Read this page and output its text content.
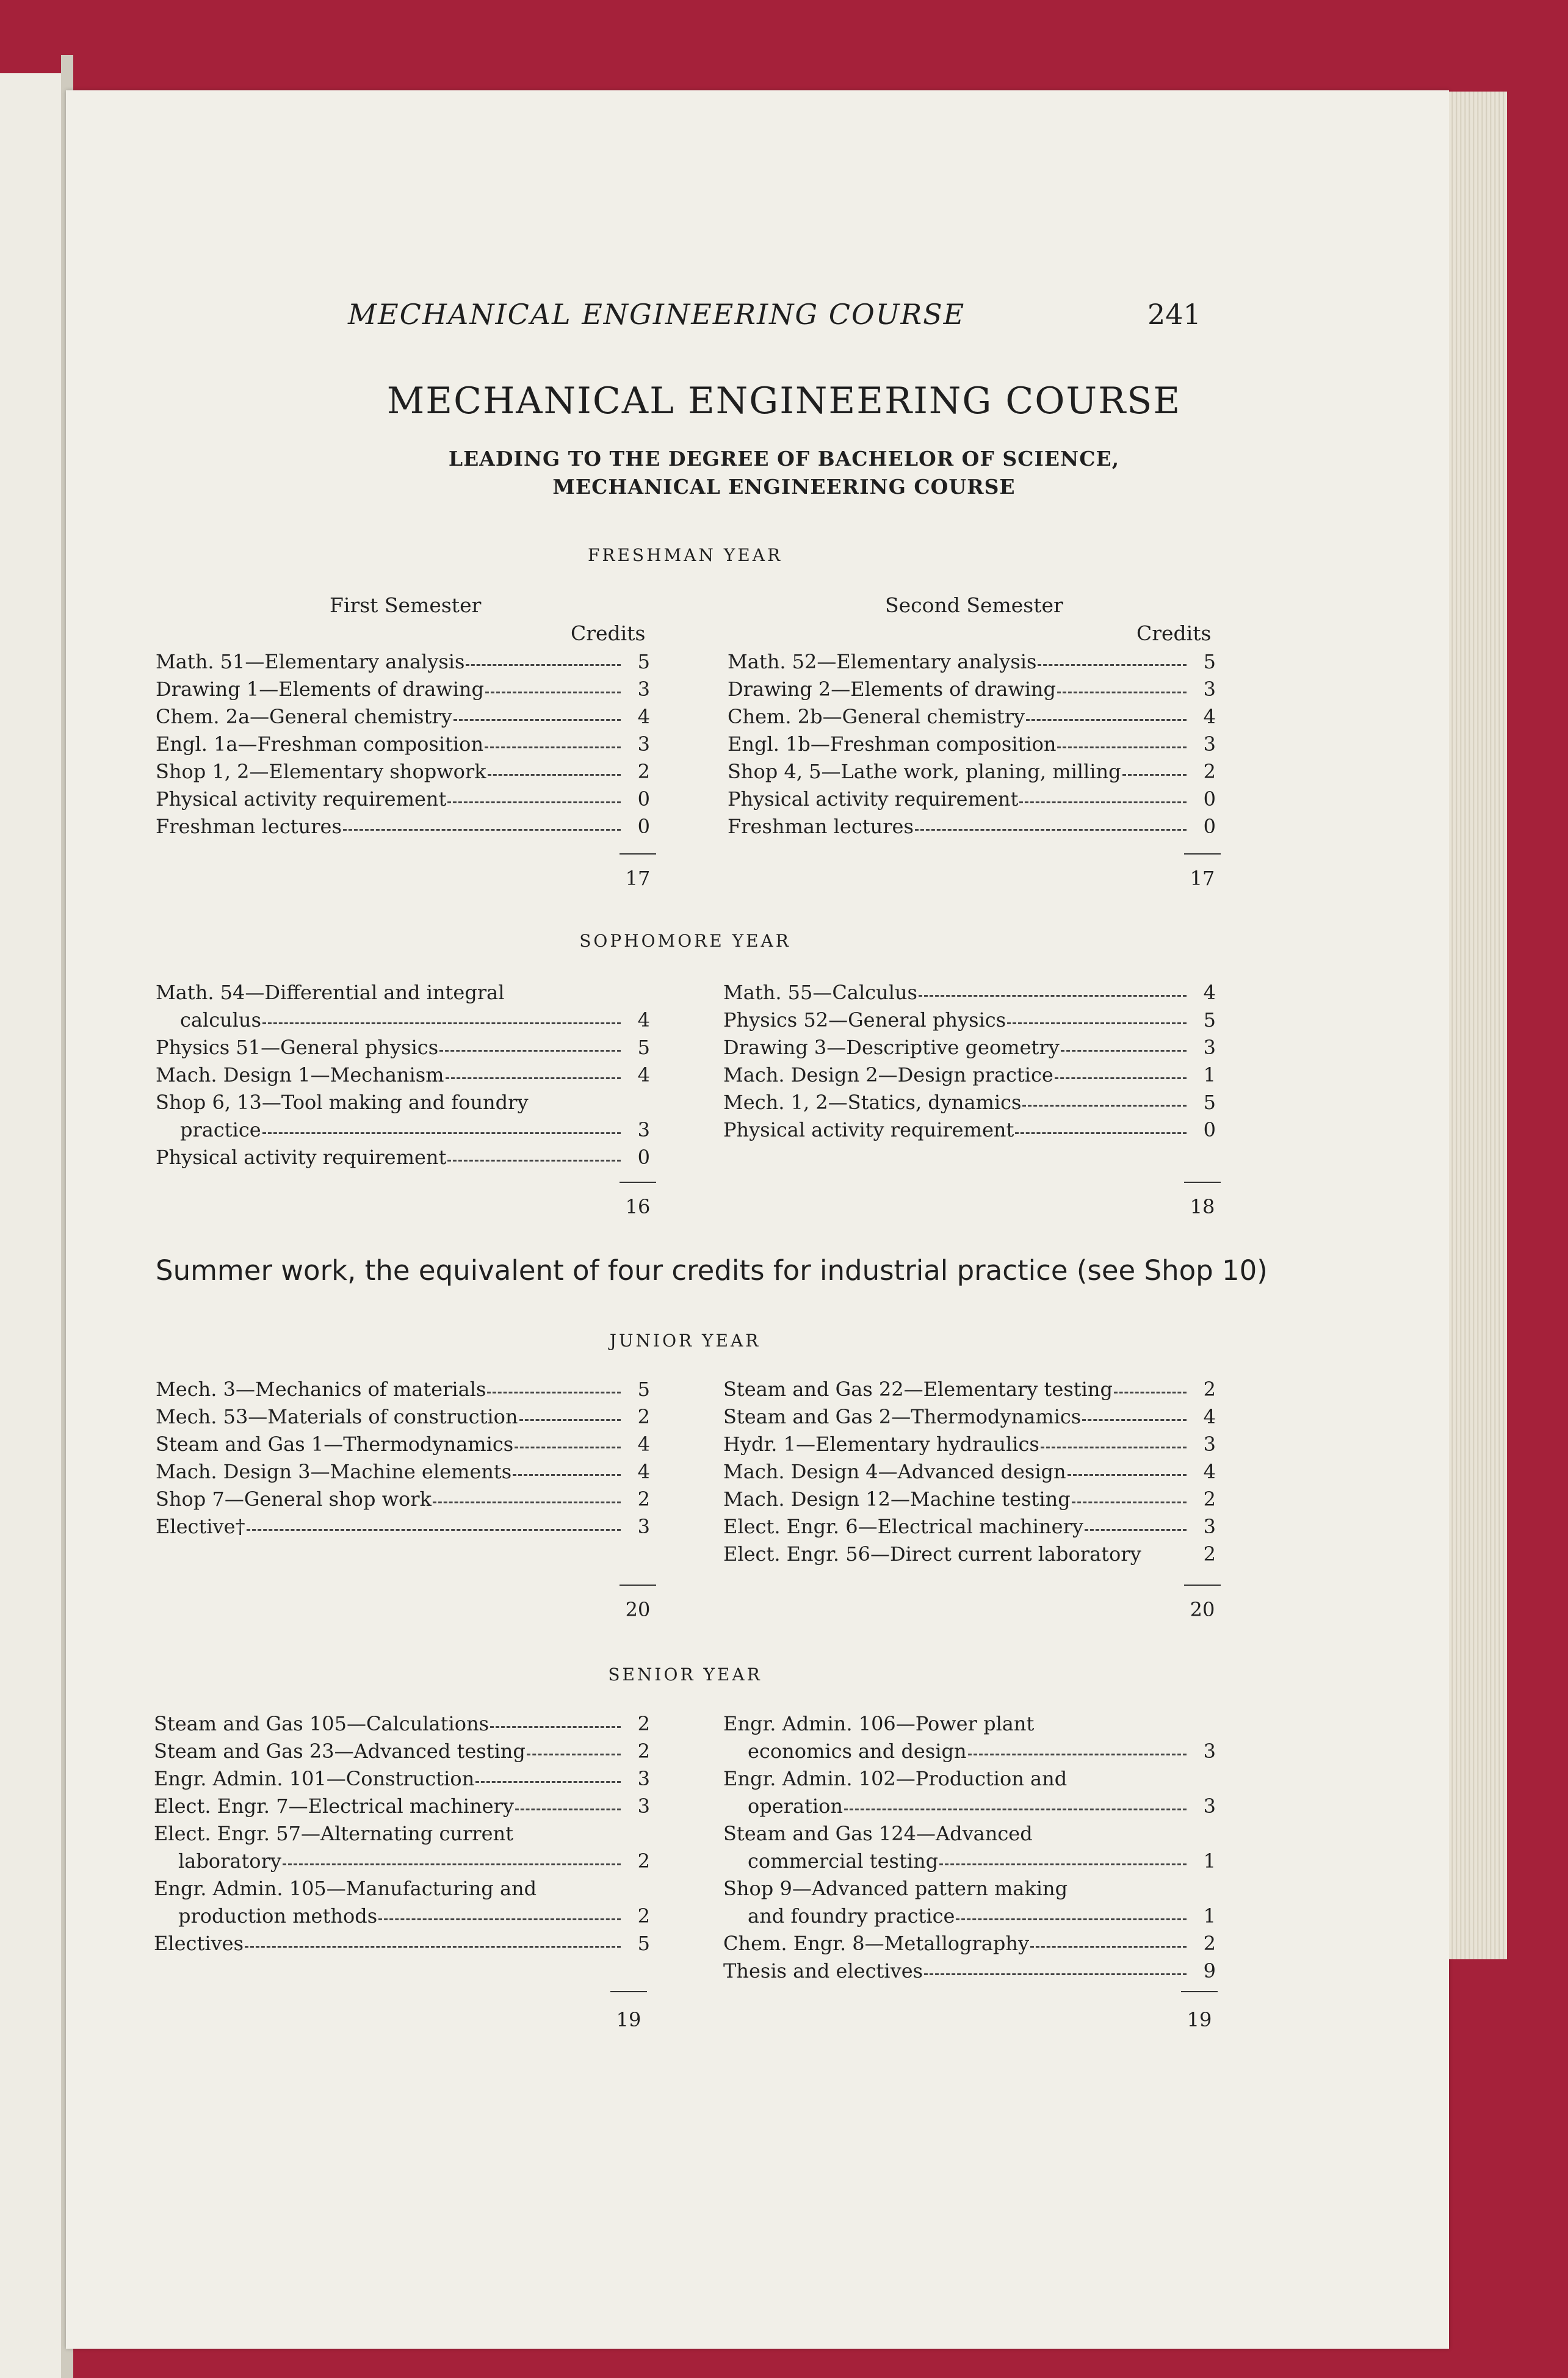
MECHANICAL ENGINEERING COURSE	241
MECHANICAL ENGINEERING COURSE
LEADING TO THE DEGREE OF BACHELOR OF SCIENCE,
MECHANICAL ENGINEERING COURSE
FRESHMAN YEAR
First Semester	Second Semester
Credits	Credits
Math. 51—Elementary analysis	5
Drawing 1—Elements of drawing	3
Chem. 2a—General chemistry	4
Engl. 1a—Freshman composition	3
Shop 1, 2—Elementary shopwork	2
Physical activity requirement	0
Freshman lectures	0
Math. 52—Elementary analysis	5
Drawing 2—Elements of drawing	3
Chem. 2b—General chemistry	4
Engl. 1b—Freshman composition	3
Shop 4, 5—Lathe work, planing, milling	2
Physical activity requirement	0
Freshman lectures	0
17	17
SOPHOMORE YEAR
Math. 54—Differential and integral
calculus	4
Physics 51—General physics	5
Mach. Design 1—Mechanism	4
Shop 6, 13—Tool making and foundry
practice	3
Physical activity requirement	0
Math. 55—Calculus	4
Physics 52—General physics	5
Drawing 3—Descriptive geometry	3
Mach. Design 2—Design practice	1
Mech. 1, 2—Statics, dynamics	5
Physical activity requirement	0
16	18
Summer work, the equivalent of four credits for industrial practice (see Shop 10)
JUNIOR YEAR
Mech. 3—Mechanics of materials	5
Mech. 53—Materials of construction	2
Steam and Gas 1—Thermodynamics	4
Mach. Design 3—Machine elements	4
Shop 7—General shop work	2
Elective†	3
Steam and Gas 22—Elementary testing	2
Steam and Gas 2—Thermodynamics	4
Hydr. 1—Elementary hydraulics	3
Mach. Design 4—Advanced design	4
Mach. Design 12—Machine testing	2
Elect. Engr. 6—Electrical machinery	3
Elect. Engr. 56—Direct current laboratory	2
20	20
SENIOR YEAR
Steam and Gas 105—Calculations	2
Steam and Gas 23—Advanced testing	2
Engr. Admin. 101—Construction	3
Elect. Engr. 7—Electrical machinery	3
Elect. Engr. 57—Alternating current
laboratory	2
Engr. Admin. 105—Manufacturing and
production methods	2
Electives	5
Engr. Admin. 106—Power plant
economics and design	3
Engr. Admin. 102—Production and
operation	3
Steam and Gas 124—Advanced
commercial testing	1
Shop 9—Advanced pattern making
and foundry practice	1
Chem. Engr. 8—Metallography	2
Thesis and electives	9
19	19
